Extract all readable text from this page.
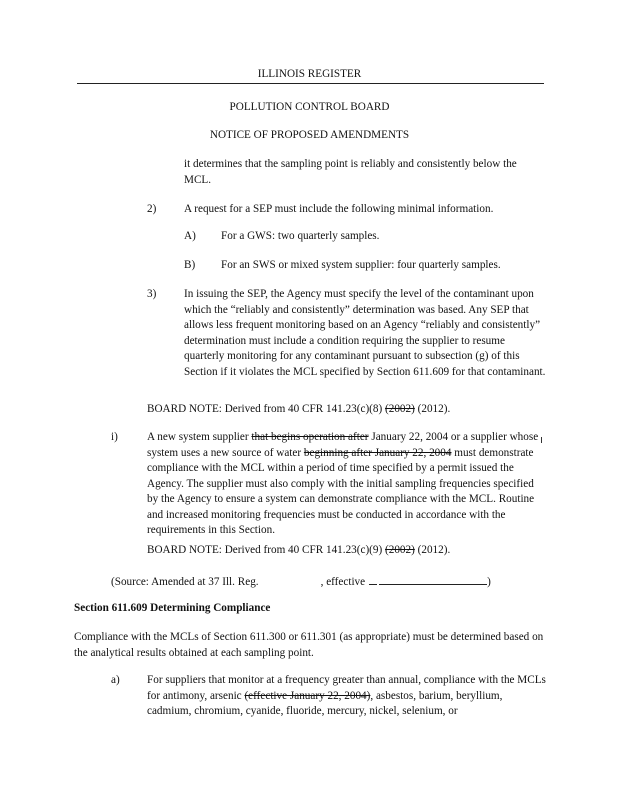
ILLINOIS REGISTER
POLLUTION CONTROL BOARD
NOTICE OF PROPOSED AMENDMENTS

it determines that the sampling point is reliably and consistently below the MCL.

2) A request for a SEP must include the following minimal information.

A) For a GWS: two quarterly samples.

B) For an SWS or mixed system supplier: four quarterly samples.

3) In issuing the SEP, the Agency must specify the level of the contaminant upon which the “reliably and consistently” determination was based. Any SEP that allows less frequent monitoring based on an Agency “reliably and consistently” determination must include a condition requiring the supplier to resume quarterly monitoring for any contaminant pursuant to subsection (g) of this Section if it violates the MCL specified by Section 611.609 for that contaminant.

BOARD NOTE: Derived from 40 CFR 141.23(c)(8) (2002) (2012).

i)	A new system supplier that begins operation after January 22, 2004 or a supplier whose system uses a new source of water beginning after January 22, 2004 must demonstrate compliance with the MCL within a period of time specified by a permit issued the Agency. The supplier must also comply with the initial sampling frequencies specified by the Agency to ensure a system can demonstrate compliance with the MCL. Routine and increased monitoring frequencies must be conducted in accordance with the requirements in this Section.

BOARD NOTE: Derived from 40 CFR 141.23(c)(9) (2002) (2012).

(Source: Amended at 37 Ill. Reg.	, effective	)

Section 611.609 Determining Compliance

Compliance with the MCLs of Section 611.300 or 611.301 (as appropriate) must be determined based on the analytical results obtained at each sampling point.

a) For suppliers that monitor at a frequency greater than annual, compliance with the MCLs for antimony, arsenic (effective January 22, 2004), asbestos, barium, beryllium, cadmium, chromium, cyanide, fluoride, mercury, nickel, selenium, or
